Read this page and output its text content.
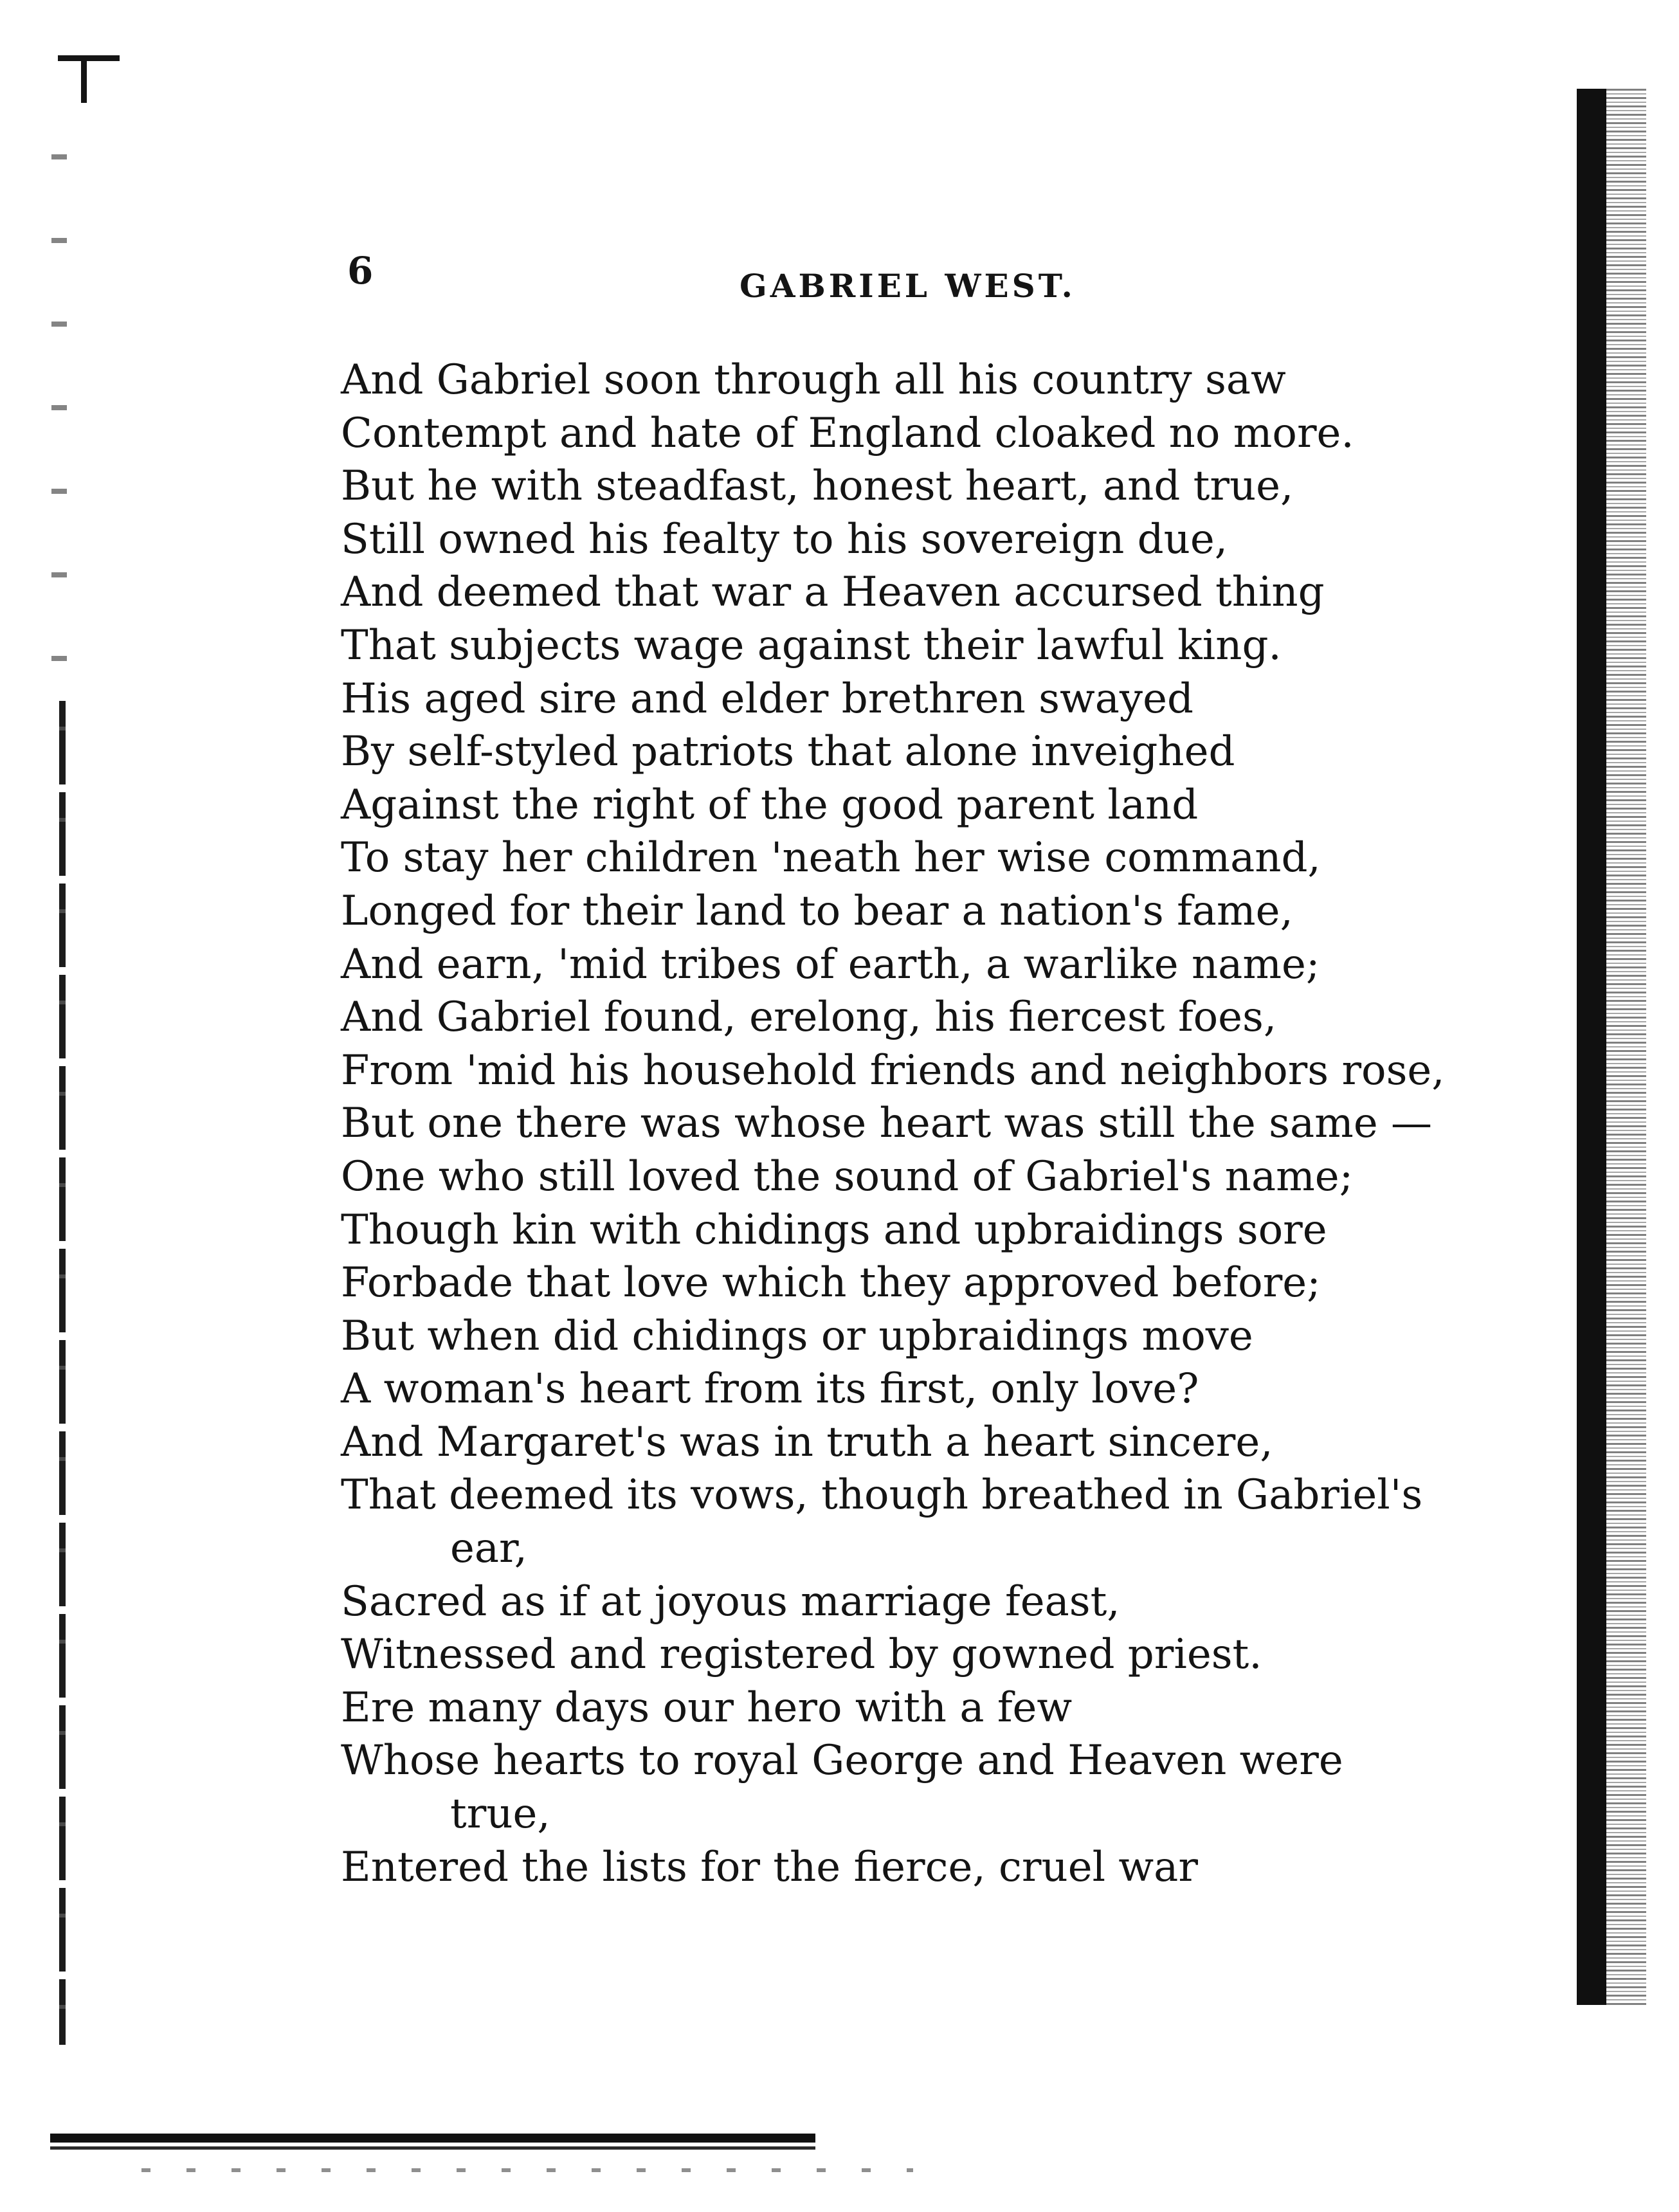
6	GABRIEL WEST.
And Gabriel soon through all his country saw
Contempt and hate of England cloaked no more.
But he with steadfast, honest heart, and true,
Still owned his fealty to his sovereign due,
And deemed that war a Heaven accursed thing
That subjects wage against their lawful king.
His aged sire and elder brethren swayed
By self-styled patriots that alone inveighed
Against the right of the good parent land
To stay her children 'neath her wise command,
Longed for their land to bear a nation's fame,
And earn, 'mid tribes of earth, a warlike name;
And Gabriel found, erelong, his fiercest foes,
From 'mid his household friends and neighbors rose,
But one there was whose heart was still the same —
One who still loved the sound of Gabriel's name;
Though kin with chidings and upbraidings sore
Forbade that love which they approved before;
But when did chidings or upbraidings move
A woman's heart from its first, only love?
And Margaret's was in truth a heart sincere,
That deemed its vows, though breathed in Gabriel's
ear,
Sacred as if at joyous marriage feast,
Witnessed and registered by gowned priest.
Ere many days our hero with a few
Whose hearts to royal George and Heaven were
true,
Entered the lists for the fierce, cruel war
